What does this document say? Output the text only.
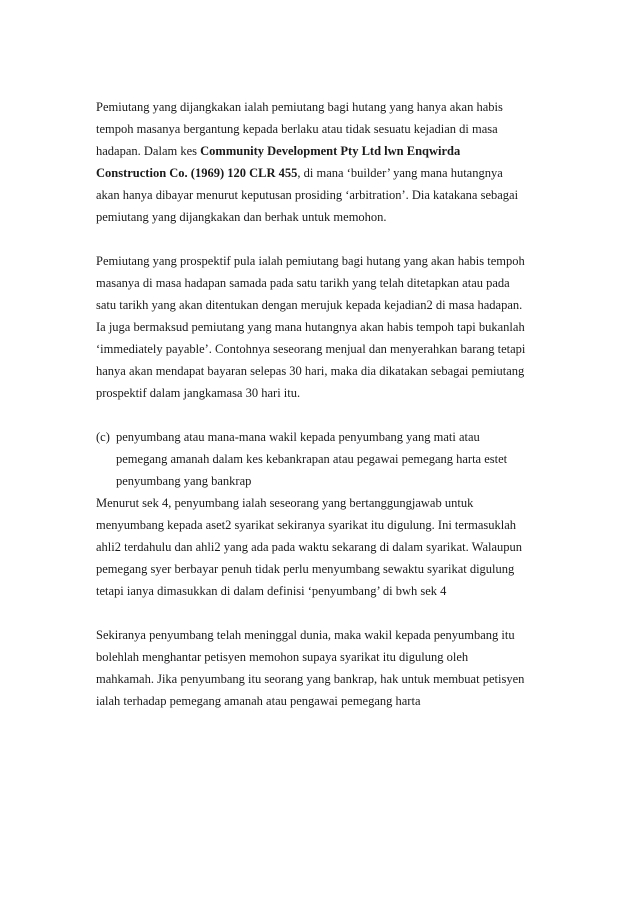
Pemiutang yang dijangkakan ialah pemiutang bagi hutang yang hanya akan habis
tempoh masanya bergantung kepada berlaku atau tidak sesuatu kejadian di masa
hadapan. Dalam kes Community Development Pty Ltd lwn Enqwirda
Construction Co. (1969) 120 CLR 455, di mana ‘builder’ yang mana hutangnya
akan hanya dibayar menurut keputusan prosiding ‘arbitration’. Dia katakana sebagai
pemiutang yang dijangkakan dan berhak untuk memohon.

Pemiutang yang prospektif pula ialah pemiutang bagi hutang yang akan habis tempoh
masanya di masa hadapan samada pada satu tarikh yang telah ditetapkan atau pada
satu tarikh yang akan ditentukan dengan merujuk kepada kejadian2 di masa hadapan.
Ia juga bermaksud pemiutang yang mana hutangnya akan habis tempoh tapi bukanlah
‘immediately payable’. Contohnya seseorang menjual dan menyerahkan barang tetapi
hanya akan mendapat bayaran selepas 30 hari, maka dia dikatakan sebagai pemiutang
prospektif dalam jangkamasa 30 hari itu.

(c) penyumbang atau mana-mana wakil kepada penyumbang yang mati atau
pemegang amanah dalam kes kebankrapan atau pegawai pemegang harta estet
penyumbang yang bankrap

Menurut sek 4, penyumbang ialah seseorang yang bertanggungjawab untuk
menyumbang kepada aset2 syarikat sekiranya syarikat itu digulung. Ini termasuklah
ahli2 terdahulu dan ahli2 yang ada pada waktu sekarang di dalam syarikat. Walaupun
pemegang syer berbayar penuh tidak perlu menyumbang sewaktu syarikat digulung
tetapi ianya dimasukkan di dalam definisi ‘penyumbang’ di bwh sek 4

Sekiranya penyumbang telah meninggal dunia, maka wakil kepada penyumbang itu
bolehlah menghantar petisyen memohon supaya syarikat itu digulung oleh
mahkamah. Jika penyumbang itu seorang yang bankrap, hak untuk membuat petisyen
ialah terhadap pemegang amanah atau pengawai pemegang harta
